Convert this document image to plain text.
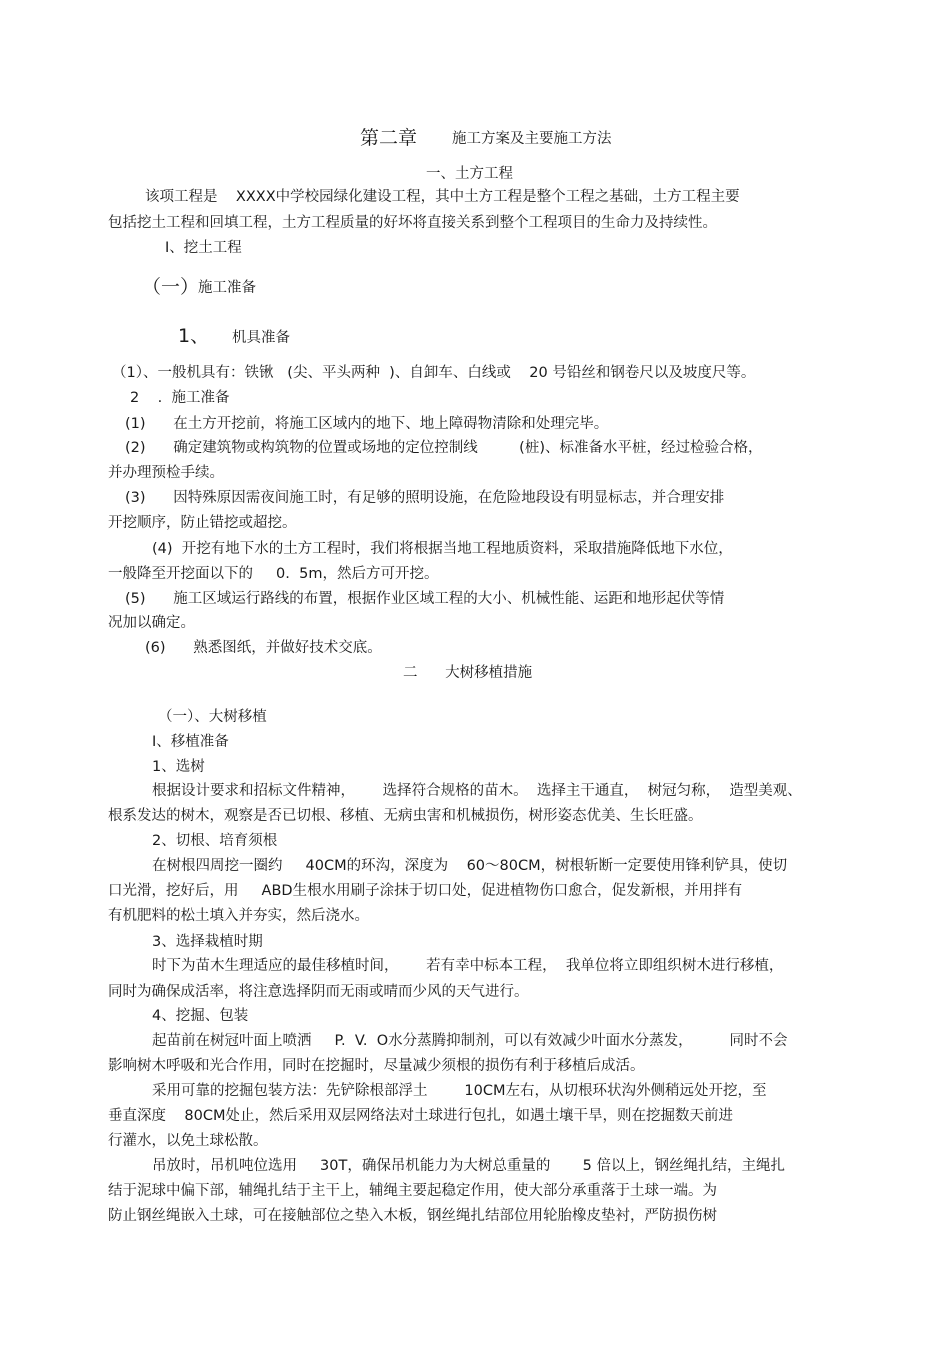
第二章 施工方案及主要施工方法
一、土方工程
该项工程是    XXXX中学校园绿化建设工程，其中土方工程是整个工程之基础，土方工程主要
包括挖土工程和回填工程，土方工程质量的好坏将直接关系到整个工程项目的生命力及持续性。
Ⅰ、挖土工程
（一）
施工准备
1、 机具准备
（1）、一般机具有：铁锹   (尖、平头两种  )、自卸车、白线或    20 号铅丝和钢卷尺以及坡度尺等。
2    .  施工准备
(1)      在土方开挖前，将施工区域内的地下、地上障碍物清除和处理完毕。
(2)      确定建筑物或构筑物的位置或场地的定位控制线         (桩)、标准备水平桩，经过检验合格，
并办理预检手续。
(3)      因特殊原因需夜间施工时，有足够的照明设施，在危险地段设有明显标志，并合理安排
开挖顺序，防止错挖或超挖。
(4)  开挖有地下水的土方工程时，我们将根据当地工程地质资料，采取措施降低地下水位，
一般降至开挖面以下的     0.  5m，然后方可开挖。
(5)      施工区域运行路线的布置，根据作业区域工程的大小、机械性能、运距和地形起伏等情
况加以确定。
(6)      熟悉图纸，并做好技术交底。
二      大树移植措施
（一）、大树移植
Ⅰ、移植准备
1、选树
根据设计要求和招标文件精神，      选择符合规格的苗木。  选择主干通直，  树冠匀称，  造型美观、
根系发达的树木，观察是否已切根、移植、无病虫害和机械损伤，树形姿态优美、生长旺盛。
2、切根、培育须根
在树根四周挖一圈约     40CM的环沟，深度为    60～80CM，树根斩断一定要使用锋利铲具，使切
口光滑，挖好后，用     ABD生根水用刷子涂抹于切口处，促进植物伤口愈合，促发新根，并用拌有
有机肥料的松土填入并夯实，然后浇水。
3、选择栽植时期
时下为苗木生理适应的最佳移植时间，      若有幸中标本工程，  我单位将立即组织树木进行移植，
同时为确保成活率，将注意选择阴而无雨或晴而少风的天气进行。
4、挖掘、包装
起苗前在树冠叶面上喷洒     P.  V.  O水分蒸腾抑制剂，可以有效减少叶面水分蒸发，        同时不会
影响树木呼吸和光合作用，同时在挖掘时，尽量减少须根的损伤有利于移植后成活。
采用可靠的挖掘包装方法：先铲除根部浮土        10CM左右，从切根环状沟外侧稍远处开挖，至
垂直深度    80CM处止，然后采用双层网络法对土球进行包扎，如遇土壤干旱，则在挖掘数天前进
行灌水，以免土球松散。
吊放时，吊机吨位选用     30T，确保吊机能力为大树总重量的       5 倍以上，钢丝绳扎结，主绳扎
结于泥球中偏下部，辅绳扎结于主干上，辅绳主要起稳定作用，使大部分承重落于土球一端。为
防止钢丝绳嵌入土球，可在接触部位之垫入木板，钢丝绳扎结部位用轮胎橡皮垫衬，严防损伤树
